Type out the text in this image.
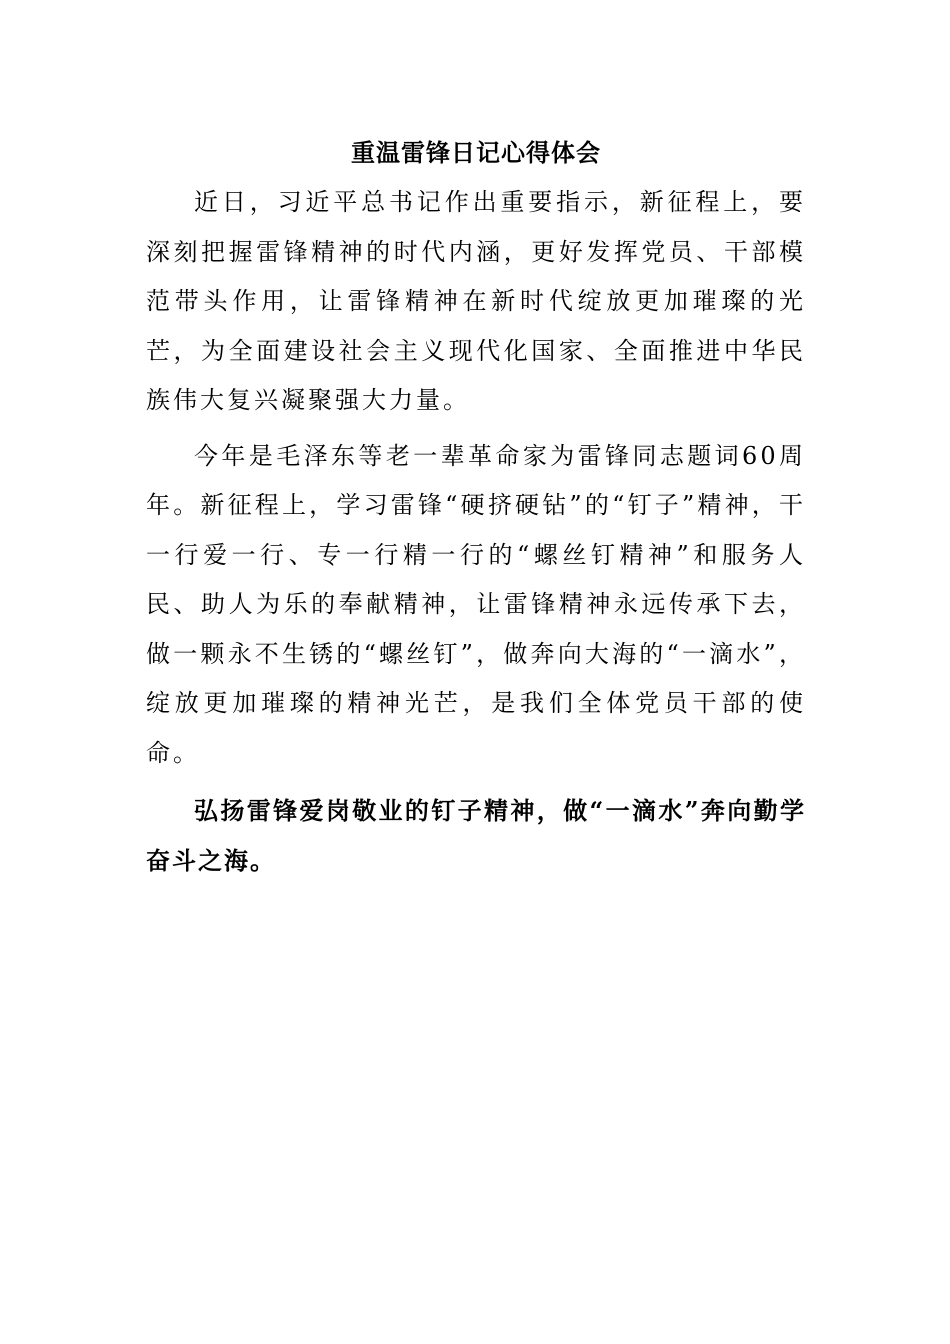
重温雷锋日记心得体会

近日，习近平总书记作出重要指示，新征程上，要深刻把握雷锋精神的时代内涵，更好发挥党员、干部模范带头作用，让雷锋精神在新时代绽放更加璀璨的光芒，为全面建设社会主义现代化国家、全面推进中华民族伟大复兴凝聚强大力量。

今年是毛泽东等老一辈革命家为雷锋同志题词60周年。新征程上，学习雷锋“硬挤硬钻”的“钉子”精神，干一行爱一行、专一行精一行的“螺丝钉精神”和服务人民、助人为乐的奉献精神，让雷锋精神永远传承下去，做一颗永不生锈的“螺丝钉”，做奔向大海的“一滴水”，绽放更加璀璨的精神光芒，是我们全体党员干部的使命。

弘扬雷锋爱岗敬业的钉子精神，做“一滴水”奔向勤学奋斗之海。
